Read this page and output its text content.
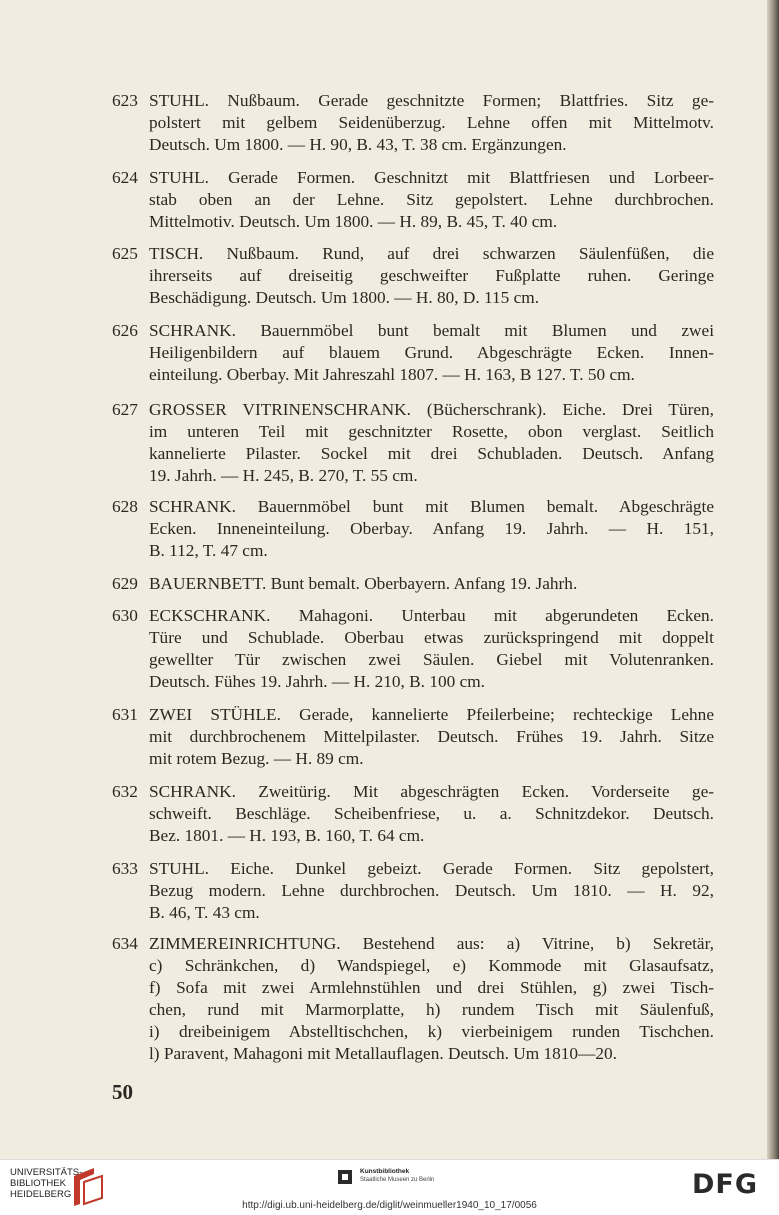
623 STUHL. Nußbaum. Gerade geschnitzte Formen; Blattfries. Sitz ge-
polstert mit gelbem Seidenüberzug. Lehne offen mit Mittelmotv.
Deutsch. Um 1800. — H. 90, B. 43, T. 38 cm. Ergänzungen.
624 STUHL. Gerade Formen. Geschnitzt mit Blattfriesen und Lorbeer-
stab oben an der Lehne. Sitz gepolstert. Lehne durchbrochen.
Mittelmotiv. Deutsch. Um 1800. — H. 89, B. 45, T. 40 cm.
625 TISCH. Nußbaum. Rund, auf drei schwarzen Säulenfüßen, die
ihrerseits auf dreiseitig geschweifter Fußplatte ruhen. Geringe
Beschädigung. Deutsch. Um 1800. — H. 80, D. 115 cm.
626 SCHRANK. Bauernmöbel bunt bemalt mit Blumen und zwei
Heiligenbildern auf blauem Grund. Abgeschrägte Ecken. Innen-
einteilung. Oberbay. Mit Jahreszahl 1807. — H. 163, B 127. T. 50 cm.
627 GROSSER VITRINENSCHRANK. (Bücherschrank). Eiche. Drei Türen,
im unteren Teil mit geschnitzter Rosette, obon verglast. Seitlich
kannelierte Pilaster. Sockel mit drei Schubladen. Deutsch. Anfang
19. Jahrh. — H. 245, B. 270, T. 55 cm.
628 SCHRANK. Bauernmöbel bunt mit Blumen bemalt. Abgeschrägte
Ecken. Inneneinteilung. Oberbay. Anfang 19. Jahrh. — H. 151,
B. 112, T. 47 cm.
629 BAUERNBETT. Bunt bemalt. Oberbayern. Anfang 19. Jahrh.
630 ECKSCHRANK. Mahagoni. Unterbau mit abgerundeten Ecken.
Türe und Schublade. Oberbau etwas zurückspringend mit doppelt
gewellter Tür zwischen zwei Säulen. Giebel mit Volutenranken.
Deutsch. Fühes 19. Jahrh. — H. 210, B. 100 cm.
631 ZWEI STÜHLE. Gerade, kannelierte Pfeilerbeine; rechteckige Lehne
mit durchbrochenem Mittelpilaster. Deutsch. Frühes 19. Jahrh. Sitze
mit rotem Bezug. — H. 89 cm.
632 SCHRANK. Zweitürig. Mit abgeschrägten Ecken. Vorderseite ge-
schweift. Beschläge. Scheibenfriese, u. a. Schnitzdekor. Deutsch.
Bez. 1801. — H. 193, B. 160, T. 64 cm.
633 STUHL. Eiche. Dunkel gebeizt. Gerade Formen. Sitz gepolstert,
Bezug modern. Lehne durchbrochen. Deutsch. Um 1810. — H. 92,
B. 46, T. 43 cm.
634 ZIMMEREINRICHTUNG. Bestehend aus: a) Vitrine, b) Sekretär,
c) Schränkchen, d) Wandspiegel, e) Kommode mit Glasaufsatz,
f) Sofa mit zwei Armlehnstühlen und drei Stühlen, g) zwei Tisch-
chen, rund mit Marmorplatte, h) rundem Tisch mit Säulenfuß,
i) dreibeinigem Abstelltischchen, k) vierbeinigem runden Tischchen.
l) Paravent, Mahagoni mit Metallauflagen. Deutsch. Um 1810—20.
50
UNIVERSITÄTS-
BIBLIOTHEK
HEIDELBERG
Kunstbibliothek
Staatliche Museen zu Berlin	DFG
http://digi.ub.uni-heidelberg.de/diglit/weinmueller1940_10_17/0056
